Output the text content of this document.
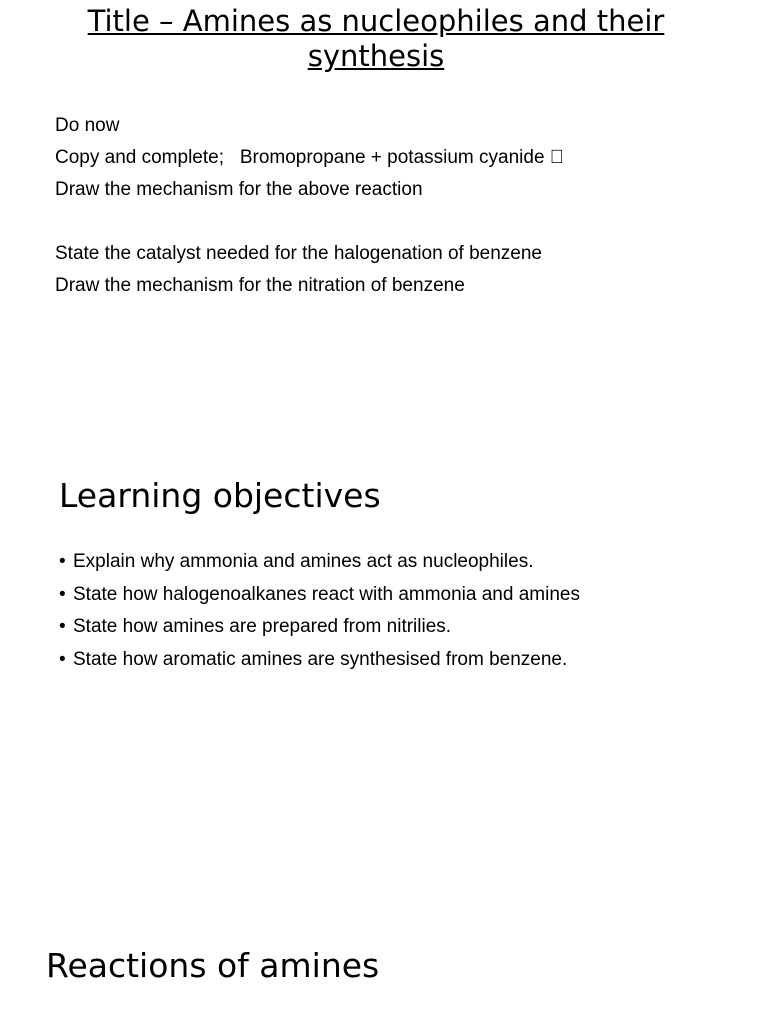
Title – Amines as nucleophiles and their synthesis
Do now
Copy and complete;   Bromopropane + potassium cyanide
Draw the mechanism for the above reaction
State the catalyst needed for the halogenation of benzene
Draw the mechanism for the nitration of benzene
Learning objectives
• Explain why ammonia and amines act as nucleophiles.
• State how halogenoalkanes react with ammonia and amines
• State how amines are prepared from nitrilies.
• State how aromatic amines are synthesised from benzene.
Reactions of amines
